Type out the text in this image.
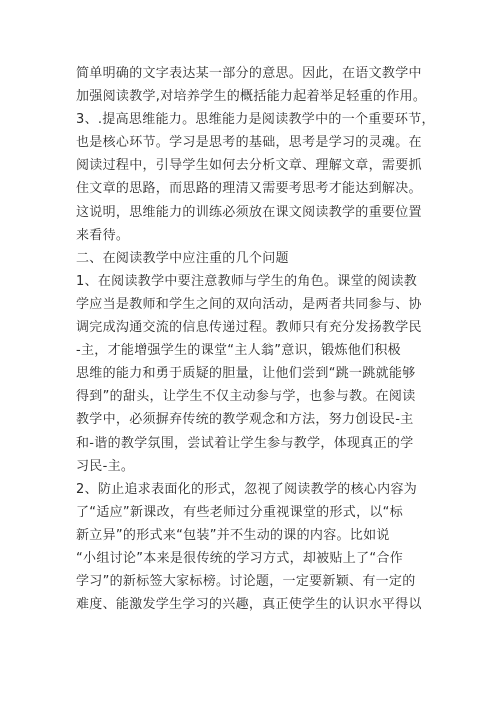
简单明确的文字表达某一部分的意思。因此，在语文教学中
加强阅读教学,对培养学生的概括能力起着举足轻重的作用。
3、.提高思维能力。思维能力是阅读教学中的一个重要环节，
也是核心环节。学习是思考的基础，思考是学习的灵魂。在
阅读过程中，引导学生如何去分析文章、理解文章，需要抓
住文章的思路，而思路的理清又需要考思考才能达到解决。
这说明，思维能力的训练必须放在课文阅读教学的重要位置
来看待。
二、在阅读教学中应注重的几个问题
1、在阅读教学中要注意教师与学生的角色。课堂的阅读教
学应当是教师和学生之间的双向活动，是两者共同参与、协
调完成沟通交流的信息传递过程。教师只有充分发扬教学民
-主，才能增强学生的课堂“主人翁”意识，锻炼他们积极
思维的能力和勇于质疑的胆量，让他们尝到“跳一跳就能够
得到”的甜头，让学生不仅主动参与学，也参与教。在阅读
教学中，必须摒弃传统的教学观念和方法，努力创设民-主
和-谐的教学氛围，尝试着让学生参与教学，体现真正的学
习民-主。
2、防止追求表面化的形式，忽视了阅读教学的核心内容为
了“适应”新课改，有些老师过分重视课堂的形式，以“标
新立异”的形式来“包装”并不生动的课的内容。比如说
“小组讨论”本来是很传统的学习方式，却被贴上了“合作
学习”的新标签大家标榜。讨论题，一定要新颖、有一定的
难度、能激发学生学习的兴趣，真正使学生的认识水平得以
